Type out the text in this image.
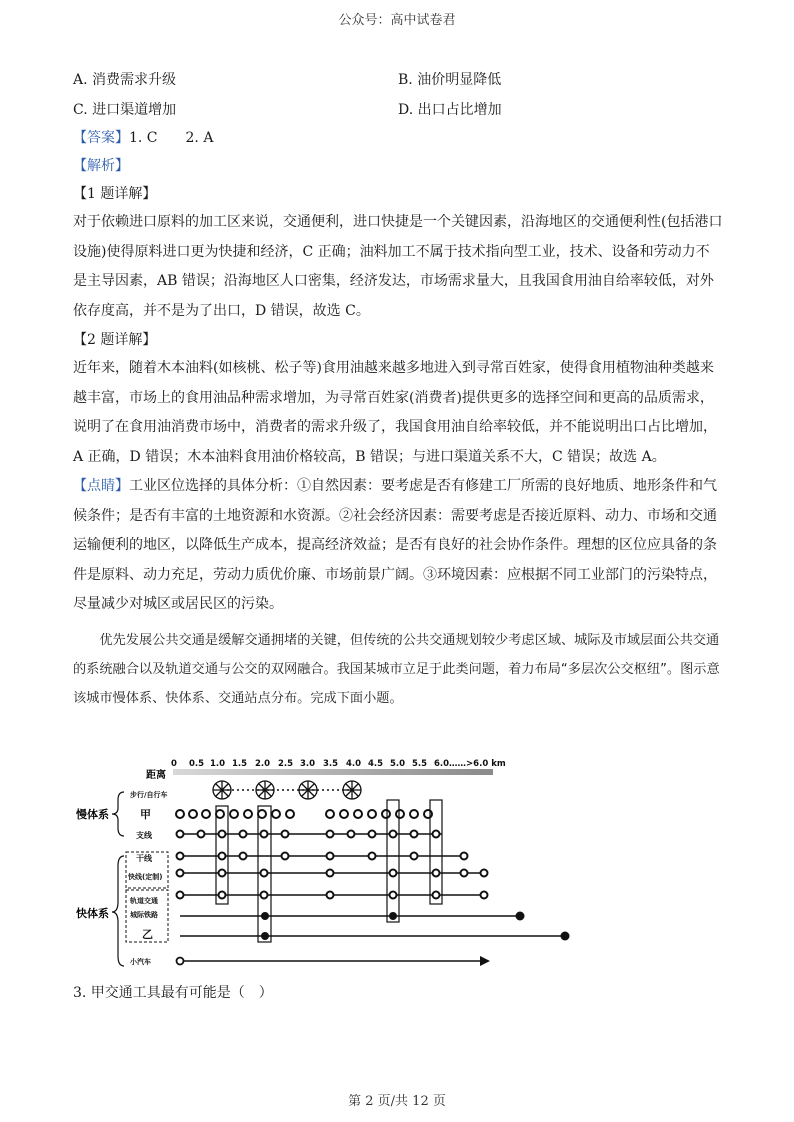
公众号：高中试卷君
A. 消费需求升级	B. 油价明显降低
C. 进口渠道增加	D. 出口占比增加
【答案】1. C　　2. A
【解析】
【1 题详解】

对于依赖进口原料的加工区来说，交通便利，进口快捷是一个关键因素，沿海地区的交通便利性(包括港口设施)使得原料进口更为快捷和经济，C 正确；油料加工不属于技术指向型工业，技术、设备和劳动力不是主导因素，AB 错误；沿海地区人口密集，经济发达，市场需求量大，且我国食用油自给率较低，对外依存度高，并不是为了出口，D 错误，故选 C。

【2 题详解】

近年来，随着木本油料(如核桃、松子等)食用油越来越多地进入到寻常百姓家，使得食用植物油种类越来越丰富，市场上的食用油品种需求增加，为寻常百姓家(消费者)提供更多的选择空间和更高的品质需求，说明了在食用油消费市场中，消费者的需求升级了，我国食用油自给率较低，并不能说明出口占比增加，A 正确，D 错误；木本油料食用油价格较高，B 错误；与进口渠道关系不大，C 错误；故选 A。

【点睛】工业区位选择的具体分析：①自然因素：要考虑是否有修建工厂所需的良好地质、地形条件和气候条件；是否有丰富的土地资源和水资源。②社会经济因素：需要考虑是否接近原料、动力、市场和交通运输便利的地区，以降低生产成本，提高经济效益；是否有良好的社会协作条件。理想的区位应具备的条件是原料、动力充足，劳动力质优价廉、市场前景广阔。③环境因素：应根据不同工业部门的污染特点，尽量减少对城区或居民区的污染。

优先发展公共交通是缓解交通拥堵的关键，但传统的公共交通规划较少考虑区域、城际及市域层面公共交通的系统融合以及轨道交通与公交的双网融合。我国某城市立足于此类问题，着力布局“多层次公交枢纽”。图示意该城市慢体系、快体系、交通站点分布。完成下面小题。

距离
0 0.5 1.0 1.5 2.0 2.5 3.0 3.5 4.0 4.5 5.0 5.5 6.0……>6.0 km
慢体系
快体系
步行/自行车
甲
支线
干线
快线(定制)
轨道交通
城际铁路
乙
小汽车
3. 甲交通工具最有可能是（　）
第 2 页/共 12 页
